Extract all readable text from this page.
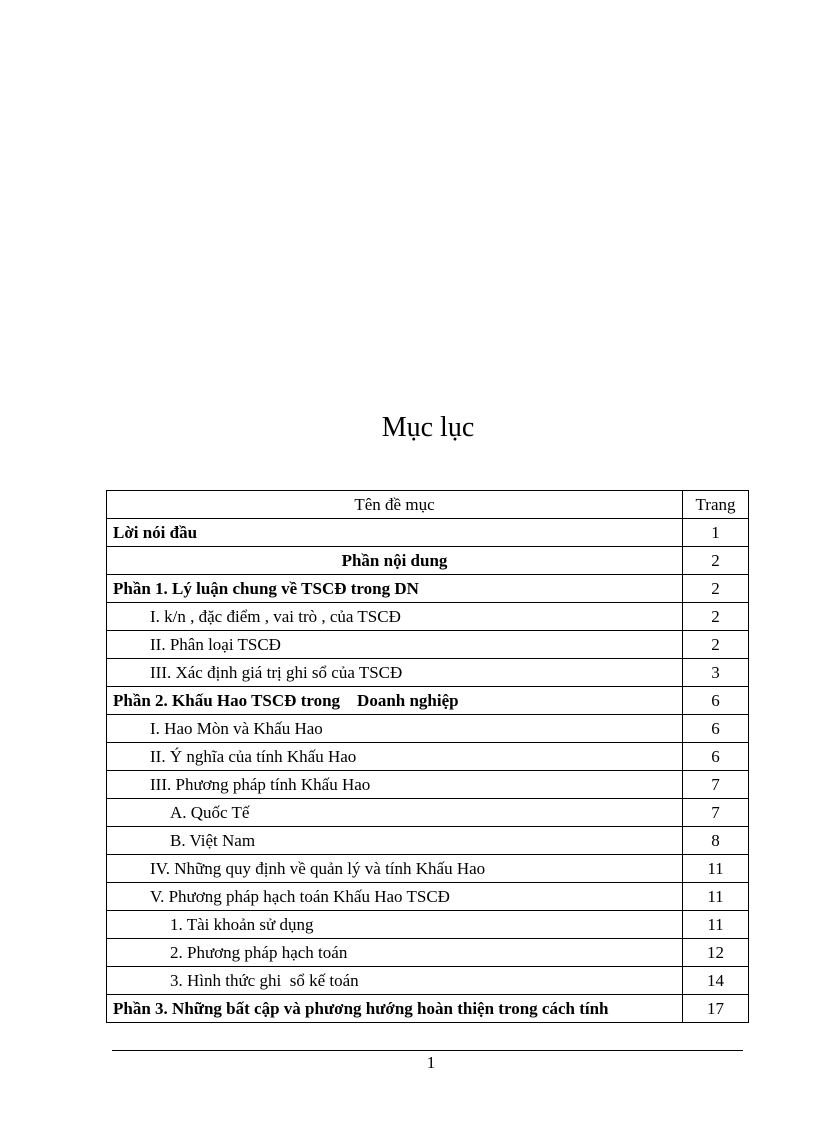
Mục lục
Tên đề mục	Trang
Lời nói đầu	1
Phần nội dung	2
Phần 1. Lý luận chung về TSCĐ trong DN	2
I. k/n , đặc điểm , vai trò , của TSCĐ	2
II. Phân loại TSCĐ	2
III. Xác định giá trị ghi sổ của TSCĐ	3
Phần 2. Khấu Hao TSCĐ trong    Doanh nghiệp	6
I. Hao Mòn và Khấu Hao	6
II. Ý nghĩa của tính Khấu Hao	6
III. Phương pháp tính Khấu Hao	7
A. Quốc Tế	7
B. Việt Nam	8
IV. Những quy định về quản lý và tính Khấu Hao	11
V. Phương pháp hạch toán Khấu Hao TSCĐ	11
1. Tài khoản sử dụng	11
2. Phương pháp hạch toán	12
3. Hình thức ghi  sổ kế toán	14
Phần 3. Những bất cập và phương hướng hoàn thiện trong cách tính	17
1
